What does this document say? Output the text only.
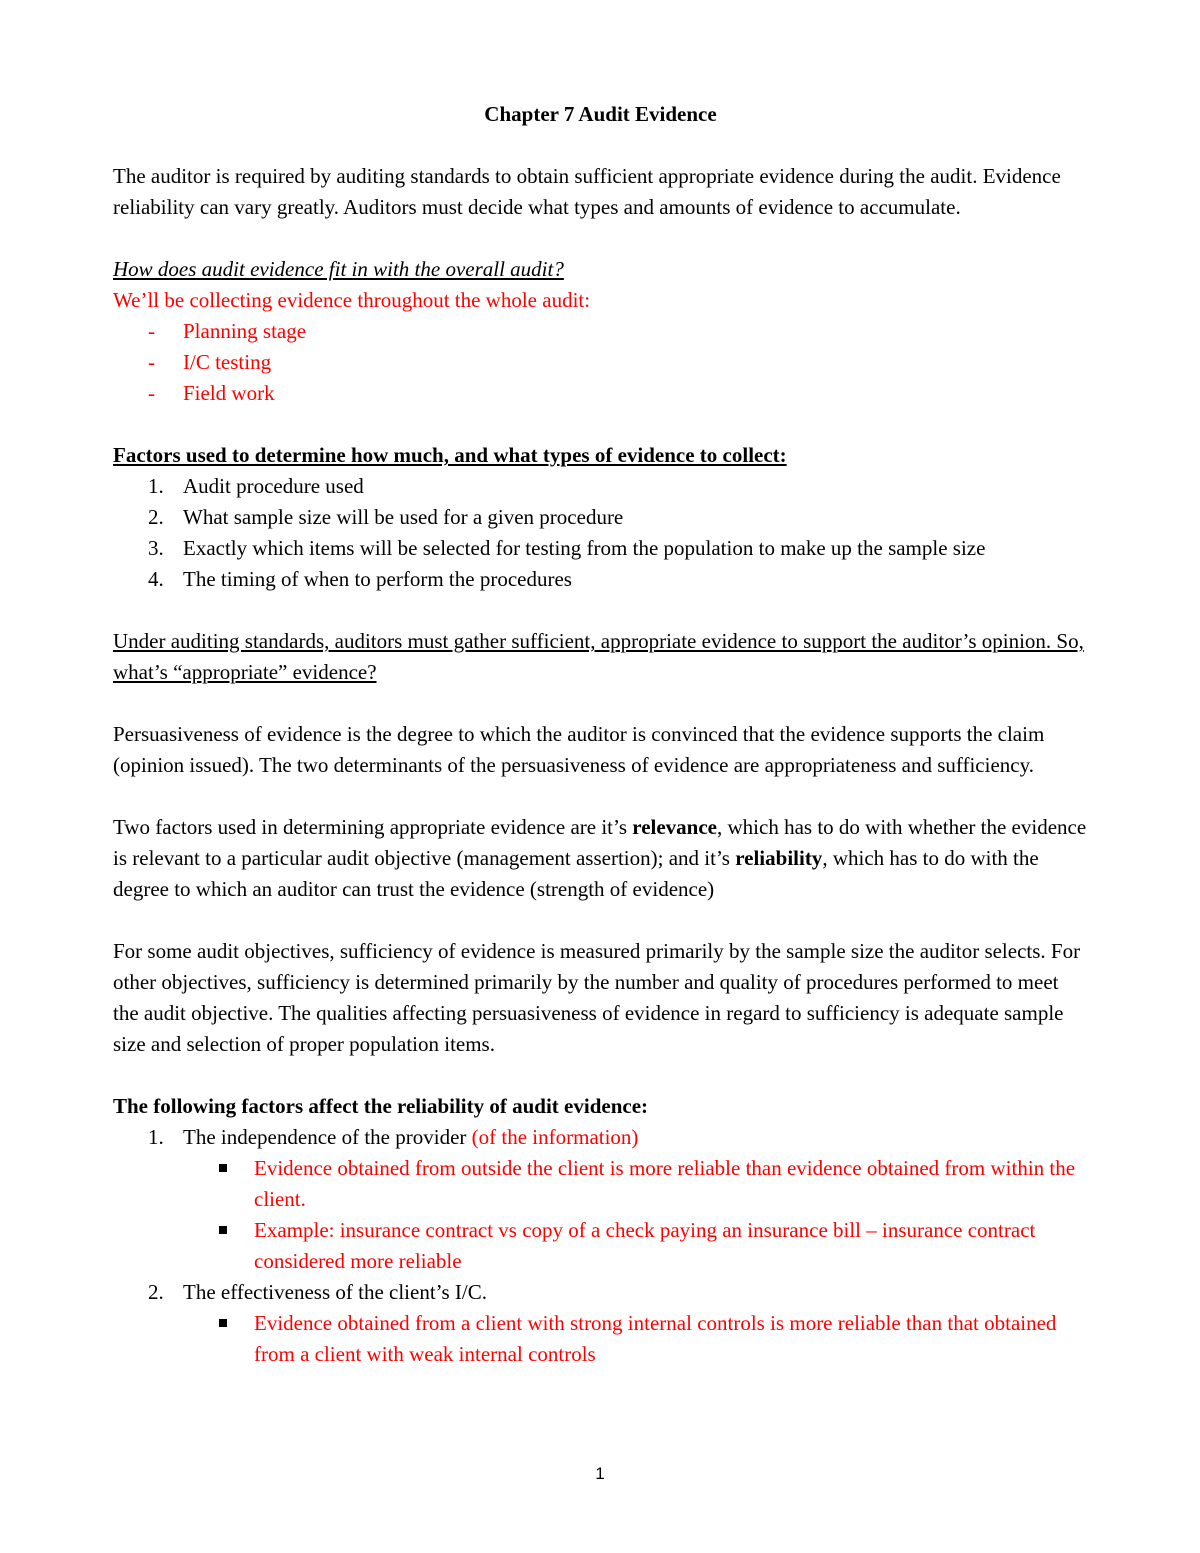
Chapter 7 Audit Evidence

The auditor is required by auditing standards to obtain sufficient appropriate evidence during the audit. Evidence reliability can vary greatly. Auditors must decide what types and amounts of evidence to accumulate.

How does audit evidence fit in with the overall audit?

We’ll be collecting evidence throughout the whole audit:

- Planning stage
- I/C testing
- Field work

Factors used to determine how much, and what types of evidence to collect:

1. Audit procedure used
2. What sample size will be used for a given procedure
3. Exactly which items will be selected for testing from the population to make up the sample size
4. The timing of when to perform the procedures

Under auditing standards, auditors must gather sufficient, appropriate evidence to support the auditor’s opinion. So, what’s “appropriate” evidence?

Persuasiveness of evidence is the degree to which the auditor is convinced that the evidence supports the claim (opinion issued). The two determinants of the persuasiveness of evidence are appropriateness and sufficiency.

Two factors used in determining appropriate evidence are it’s relevance, which has to do with whether the evidence is relevant to a particular audit objective (management assertion); and it’s reliability, which has to do with the degree to which an auditor can trust the evidence (strength of evidence)

For some audit objectives, sufficiency of evidence is measured primarily by the sample size the auditor selects. For other objectives, sufficiency is determined primarily by the number and quality of procedures performed to meet the audit objective. The qualities affecting persuasiveness of evidence in regard to sufficiency is adequate sample size and selection of proper population items.

The following factors affect the reliability of audit evidence:

1. The independence of the provider (of the information)
Evidence obtained from outside the client is more reliable than evidence obtained from within the client.
Example: insurance contract vs copy of a check paying an insurance bill – insurance contract considered more reliable
2. The effectiveness of the client’s I/C.
Evidence obtained from a client with strong internal controls is more reliable than that obtained from a client with weak internal controls
1
